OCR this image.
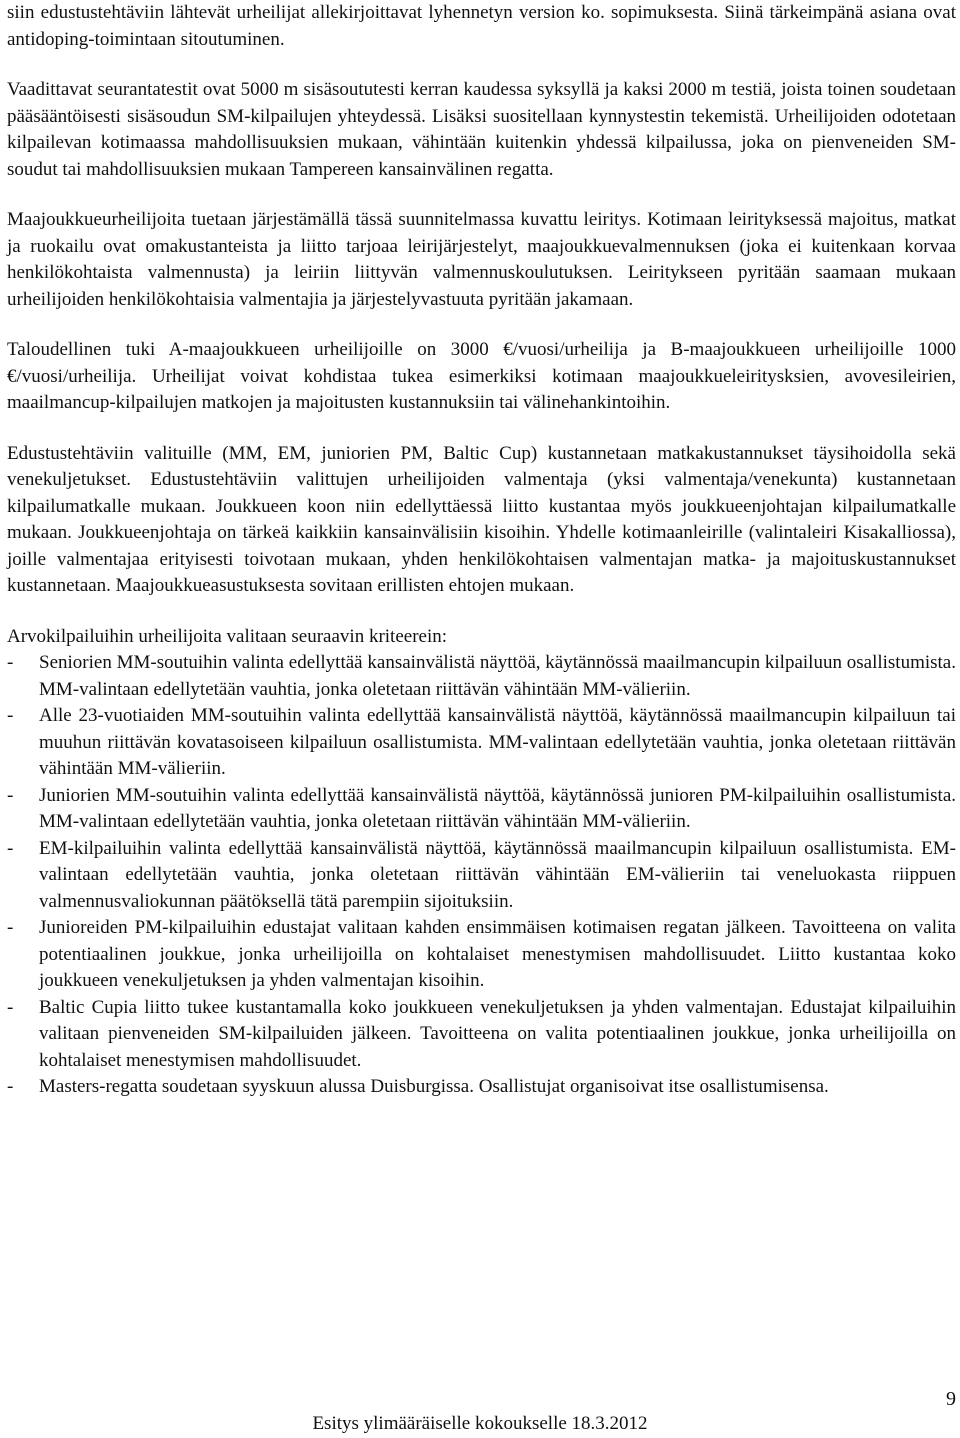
siin edustustehtäviin lähtevät urheilijat allekirjoittavat lyhennetyn version ko. sopimuksesta. Siinä tärkeimpänä asiana ovat antidoping-toimintaan sitoutuminen.

Vaadittavat seurantatestit ovat 5000 m sisäsoututesti kerran kaudessa syksyllä ja kaksi 2000 m testiä, joista toinen soudetaan pääsääntöisesti sisäsoudun SM-kilpailujen yhteydessä. Lisäksi suositellaan kynnystestin tekemistä. Urheilijoiden odotetaan kilpailevan kotimaassa mahdollisuuksien mukaan, vähintään kuitenkin yhdessä kilpailussa, joka on pienveneiden SM-soudut tai mahdollisuuksien mukaan Tampereen kansainvälinen regatta.

Maajoukkueurheilijoita tuetaan järjestämällä tässä suunnitelmassa kuvattu leiritys. Kotimaan leirityksessä majoitus, matkat ja ruokailu ovat omakustanteista ja liitto tarjoaa leirijärjestelyt, maajoukkuevalmennuksen (joka ei kuitenkaan korvaa henkilökohtaista valmennusta) ja leiriin liittyvän valmennuskoulutuksen. Leiritykseen pyritään saamaan mukaan urheilijoiden henkilökohtaisia valmentajia ja järjestelyvastuuta pyritään jakamaan.

Taloudellinen tuki A-maajoukkueen urheilijoille on 3000 €/vuosi/urheilija ja B-maajoukkueen urheilijoille 1000 €/vuosi/urheilija. Urheilijat voivat kohdistaa tukea esimerkiksi kotimaan maajoukkueleiritysksien, avovesileirien, maailmancup-kilpailujen matkojen ja majoitusten kustannuksiin tai välinehankintoihin.

Edustustehtäviin valituille (MM, EM, juniorien PM, Baltic Cup) kustannetaan matkakustannukset täysihoidolla sekä venekuljetukset. Edustustehtäviin valittujen urheilijoiden valmentaja (yksi valmentaja/venekunta) kustannetaan kilpailumatkalle mukaan. Joukkueen koon niin edellyttäessä liitto kustantaa myös joukkueenjohtajan kilpailumatkalle mukaan. Joukkueenjohtaja on tärkeä kaikkiin kansainvälisiin kisoihin. Yhdelle kotimaanleirille (valintaleiri Kisakalliossa), joille valmentajaa erityisesti toivotaan mukaan, yhden henkilökohtaisen valmentajan matka- ja majoituskustannukset kustannetaan. Maajoukkueasustuksesta sovitaan erillisten ehtojen mukaan.

Arvokilpailuihin urheilijoita valitaan seuraavin kriteerein:

- Seniorien MM-soutuihin valinta edellyttää kansainvälistä näyttöä, käytännössä maailmancupin kilpailuun osallistumista. MM-valintaan edellytetään vauhtia, jonka oletetaan riittävän vähintään MM-välieriin.
- Alle 23-vuotiaiden MM-soutuihin valinta edellyttää kansainvälistä näyttöä, käytännössä maailmancupin kilpailuun tai muuhun riittävän kovatasoiseen kilpailuun osallistumista. MM-valintaan edellytetään vauhtia, jonka oletetaan riittävän vähintään MM-välieriin.
- Juniorien MM-soutuihin valinta edellyttää kansainvälistä näyttöä, käytännössä junioren PM-kilpailuihin osallistumista. MM-valintaan edellytetään vauhtia, jonka oletetaan riittävän vähintään MM-välieriin.
- EM-kilpailuihin valinta edellyttää kansainvälistä näyttöä, käytännössä maailmancupin kilpailuun osallistumista. EM-valintaan edellytetään vauhtia, jonka oletetaan riittävän vähintään EM-välieriin tai veneluokasta riippuen valmennusvaliokunnan päätöksellä tätä parempiin sijoituksiin.
- Junioreiden PM-kilpailuihin edustajat valitaan kahden ensimmäisen kotimaisen regatan jälkeen. Tavoitteena on valita potentiaalinen joukkue, jonka urheilijoilla on kohtalaiset menestymisen mahdollisuudet. Liitto kustantaa koko joukkueen venekuljetuksen ja yhden valmentajan kisoihin.
- Baltic Cupia liitto tukee kustantamalla koko joukkueen venekuljetuksen ja yhden valmentajan. Edustajat kilpailuihin valitaan pienveneiden SM-kilpailuiden jälkeen. Tavoitteena on valita potentiaalinen joukkue, jonka urheilijoilla on kohtalaiset menestymisen mahdollisuudet.
- Masters-regatta soudetaan syyskuun alussa Duisburgissa. Osallistujat organisoivat itse osallistumisensa.
9
Esitys ylimääräiselle kokoukselle 18.3.2012
